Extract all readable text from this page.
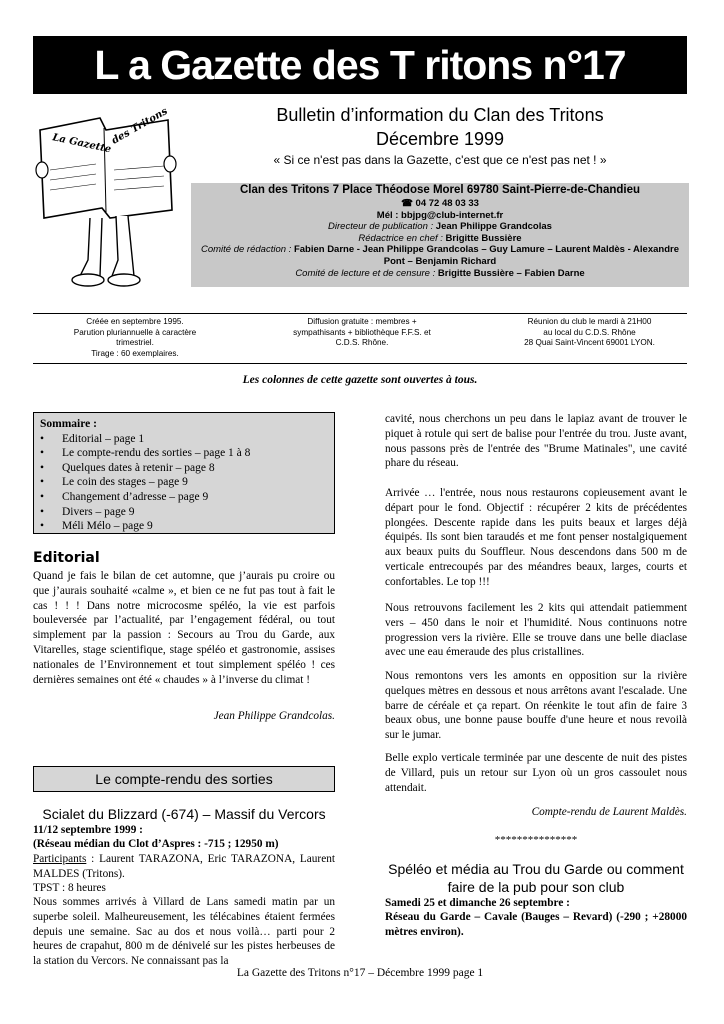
L a Gazette des T ritons n°17
La Gazette
des Tritons	Bulletin d’information du Clan des Tritons
Décembre 1999
« Si ce n'est pas dans la Gazette, c'est que ce n'est pas net ! »
Clan des Tritons 7 Place Théodose Morel 69780 Saint-Pierre-de-Chandieu
☎ 04 72 48 03 33
Mél : bbjpg@club-internet.fr
Directeur de publication : Jean Philippe Grandcolas
Rédactrice en chef : Brigitte Bussière
Comité de rédaction : Fabien Darne - Jean Philippe Grandcolas – Guy Lamure – Laurent Maldès - Alexandre Pont – Benjamin Richard
Comité de lecture et de censure : Brigitte Bussière – Fabien Darne
Créée en septembre 1995.
Parution pluriannuelle à caractère
trimestriel.
Tirage : 60 exemplaires.
Diffusion gratuite : membres +
sympathisants + bibliothèque F.F.S. et
C.D.S. Rhône.
Réunion du club le mardi à 21H00
au local du C.D.S. Rhône
28 Quai Saint-Vincent 69001 LYON.
Les colonnes de cette gazette sont ouvertes à tous.
Sommaire :
• Editorial – page 1
• Le compte-rendu des sorties – page 1 à 8
• Quelques dates à retenir – page 8
• Le coin des stages – page 9
• Changement d’adresse – page 9
• Divers – page 9
• Méli Mélo – page 9
Editorial
Quand je fais le bilan de cet automne, que j’aurais pu croire ou que j’aurais souhaité «calme », et bien ce ne fut pas tout à fait le cas ! ! ! Dans notre microcosme spéléo, la vie est parfois bouleversée par l’actualité, par l’engagement fédéral, ou tout simplement par la passion : Secours au Trou du Garde, aux Vitarelles, stage scientifique, stage spéléo et gastronomie, assises nationales de l’Environnement et tout simplement spéléo ! ces dernières semaines ont été « chaudes » à l’inverse du climat !
Jean Philippe Grandcolas.
Le compte-rendu des sorties
Scialet du Blizzard (-674) – Massif du Vercors
11/12 septembre 1999 :
(Réseau médian du Clot d’Aspres : -715 ; 12950 m)
Participants : Laurent TARAZONA, Eric TARAZONA, Laurent MALDES (Tritons).
TPST : 8 heures
Nous sommes arrivés à Villard de Lans samedi matin par un superbe soleil. Malheureusement, les télécabines étaient fermées depuis une semaine. Sac au dos et nous voilà… parti pour 2 heures de crapahut, 800 m de dénivelé sur les pistes herbeuses de la station du Vercors. Ne connaissant pas la
cavité, nous cherchons un peu dans le lapiaz avant de trouver le piquet à rotule qui sert de balise pour l'entrée du trou. Juste avant, nous passons près de l'entrée des "Brume Matinales", une cavité phare du réseau.
Arrivée … l'entrée, nous nous restaurons copieusement avant le départ pour le fond. Objectif : récupérer 2 kits de précédentes plongées. Descente rapide dans les puits beaux et larges déjà équipés. Ils sont bien taraudés et me font penser nostalgiquement aux beaux puits du Souffleur. Nous descendons dans 500 m de verticale entrecoupés par des méandres beaux, larges, courts et confortables. Le top !!!
Nous retrouvons facilement les 2 kits qui attendait patiemment vers – 450 dans le noir et l'humidité. Nous continuons notre progression vers la rivière. Elle se trouve dans une belle diaclase avec une eau émeraude des plus cristallines.
Nous remontons vers les amonts en opposition sur la rivière quelques mètres en dessous et nous arrêtons avant l'escalade. Une barre de céréale et ça repart. On réenkite le tout afin de faire 3 beaux obus, une bonne pause bouffe d'une heure et nous revoilà sur le jumar.
Belle explo verticale terminée par une descente de nuit des pistes de Villard, puis un retour sur Lyon où un gros cassoulet nous attendait.
Compte-rendu de Laurent Maldès.
***************
Spéléo et média au Trou du Garde ou comment faire de la pub pour son club
Samedi 25 et dimanche 26 septembre :
Réseau du Garde – Cavale (Bauges – Revard) (-290 ; +28000 mètres environ).
La Gazette des Tritons n°17 – Décembre 1999 page 1
